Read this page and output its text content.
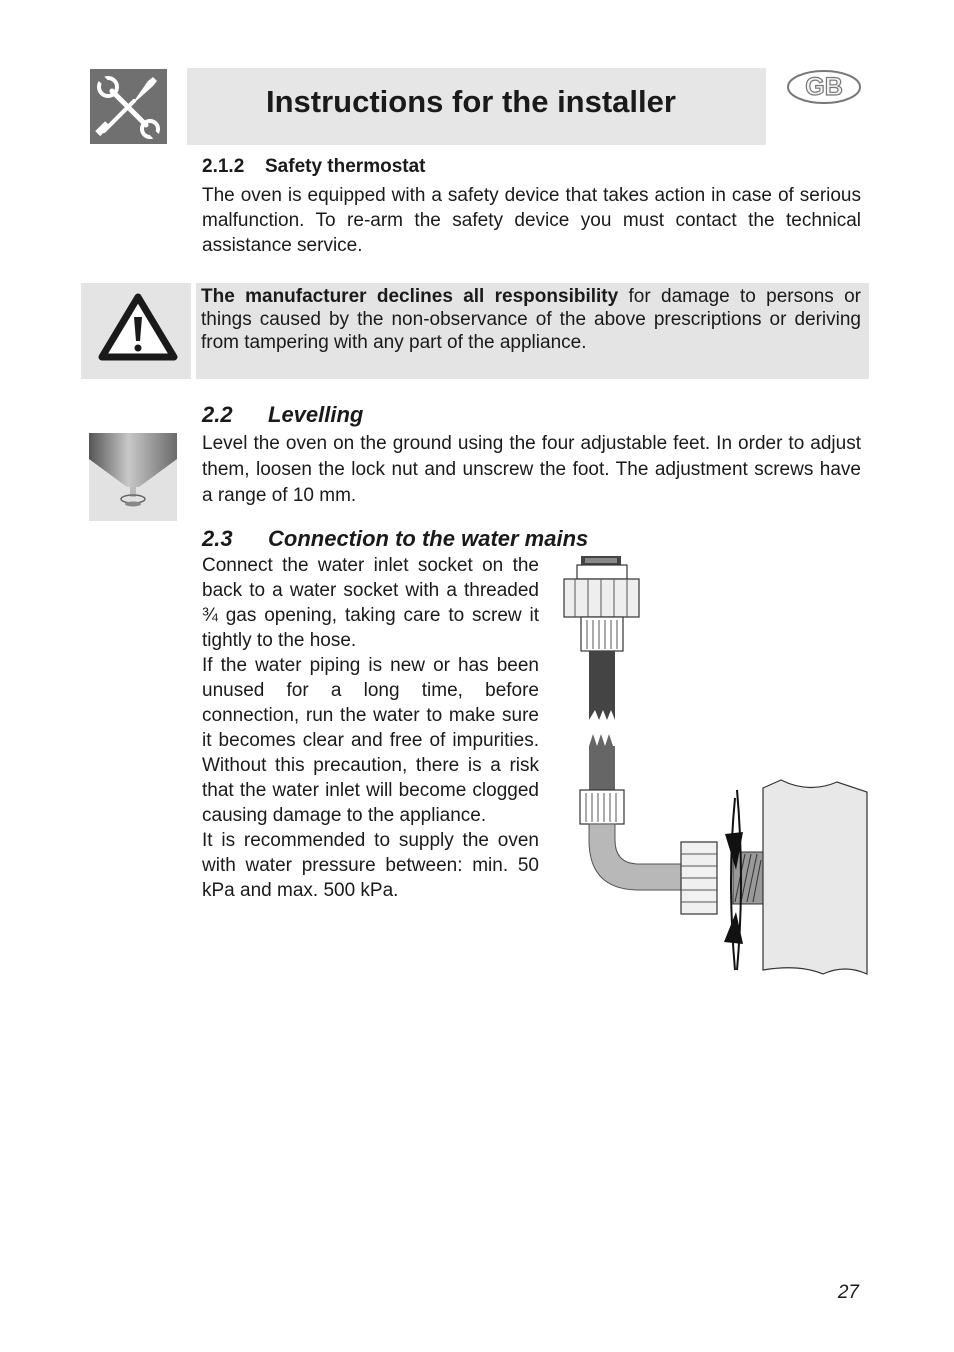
Instructions for the installer	GB
2.1.2 Safety thermostat
The oven is equipped with a safety device that takes action in case of serious malfunction. To re-arm the safety device you must contact the technical assistance service.
The manufacturer declines all responsibility for damage to persons or things caused by the non-observance of the above prescriptions or deriving from tampering with any part of the appliance.
2.2 Levelling
Level the oven on the ground using the four adjustable feet. In order to adjust them, loosen the lock nut and unscrew the foot. The adjustment screws have a range of 10 mm.
2.3 Connection to the water mains
Connect the water inlet socket on the back to a water socket with a threaded ¾ gas opening, taking care to screw it tightly to the hose.
If the water piping is new or has been unused for a long time, before connection, run the water to make sure it becomes clear and free of impurities. Without this precaution, there is a risk that the water inlet will become clogged causing damage to the appliance.
It is recommended to supply the oven with water pressure between: min. 50 kPa and max. 500 kPa.
27
